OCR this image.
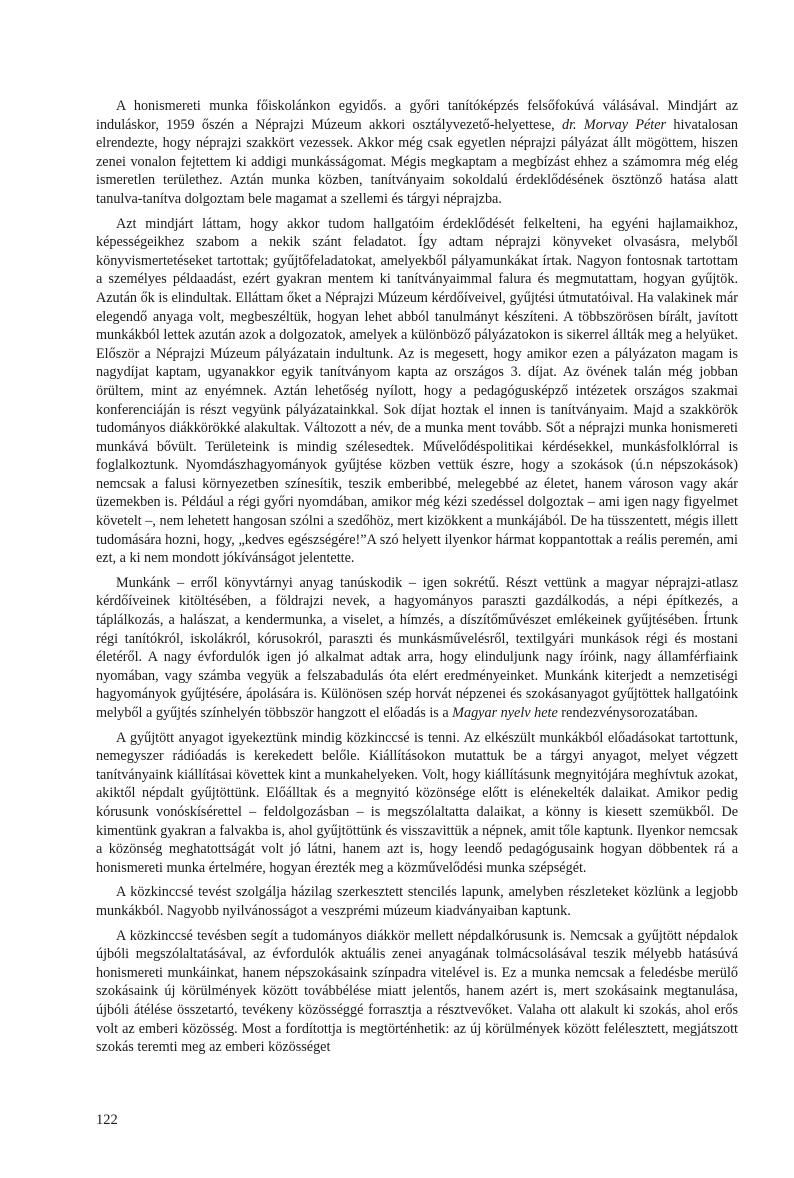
A honismereti munka főiskolánkon egyidős. a győri tanítóképzés felsőfokúvá válásával. Mindjárt az induláskor, 1959 őszén a Néprajzi Múzeum akkori osztályvezető-helyettese, dr. Morvay Péter hivatalosan elrendezte, hogy néprajzi szakkört vezessek. Akkor még csak egyetlen néprajzi pályázat állt mögöttem, hiszen zenei vonalon fejtettem ki addigi munkásságomat. Mégis megkaptam a megbízást ehhez a számomra még elég ismeretlen területhez. Aztán munka közben, tanítványaim sokoldalú érdeklődésének ösztönző hatása alatt tanulva-tanítva dolgoztam bele magamat a szellemi és tárgyi néprajzba.

Azt mindjárt láttam, hogy akkor tudom hallgatóim érdeklődését felkelteni, ha egyéni hajlamaikhoz, képességeikhez szabom a nekik szánt feladatot. Így adtam néprajzi könyveket olvasásra, melyből könyvismertetéseket tartottak; gyűjtőfeladatokat, amelyekből pályamunkákat írtak. Nagyon fontosnak tartottam a személyes példaadást, ezért gyakran mentem ki tanítványaimmal falura és megmutattam, hogyan gyűjtök. Azután ők is elindultak. Elláttam őket a Néprajzi Múzeum kérdőíveivel, gyűjtési útmutatóival. Ha valakinek már elegendő anyaga volt, megbeszéltük, hogyan lehet abból tanulmányt készíteni. A többszörösen bírált, javított munkákból lettek azután azok a dolgozatok, amelyek a különböző pályázatokon is sikerrel állták meg a helyüket. Először a Néprajzi Múzeum pályázatain indultunk. Az is megesett, hogy amikor ezen a pályázaton magam is nagydíjat kaptam, ugyanakkor egyik tanítványom kapta az országos 3. díjat. Az övének talán még jobban örültem, mint az enyémnek. Aztán lehetőség nyílott, hogy a pedagógusképző intézetek országos szakmai konferenciáján is részt vegyünk pályázatainkkal. Sok díjat hoztak el innen is tanítványaim. Majd a szakkörök tudományos diákkörökké alakultak. Változott a név, de a munka ment tovább. Sőt a néprajzi munka honismereti munkává bővült. Területeink is mindig szélesedtek. Művelődéspolitikai kérdésekkel, munkásfolklórral is foglalkoztunk. Nyomdászhagyományok gyűjtése közben vettük észre, hogy a szokások (ú.n népszokások) nemcsak a falusi környezetben színesítik, teszik emberibbé, melegebbé az életet, hanem városon vagy akár üzemekben is. Például a régi győri nyomdában, amikor még kézi szedéssel dolgoztak – ami igen nagy figyelmet követelt –, nem lehetett hangosan szólni a szedőhöz, mert kizökkent a munkájából. De ha tüsszentett, mégis illett tudomására hozni, hogy, „kedves egészségére!”A szó helyett ilyenkor hármat koppantottak a reális peremén, ami ezt, a ki nem mondott jókívánságot jelentette.

Munkánk – erről könyvtárnyi anyag tanúskodik – igen sokrétű. Részt vettünk a magyar néprajzi-atlasz kérdőíveinek kitöltésében, a földrajzi nevek, a hagyományos paraszti gazdálkodás, a népi építkezés, a táplálkozás, a halászat, a kendermunka, a viselet, a hímzés, a díszítőművészet emlékeinek gyűjtésében. Írtunk régi tanítókról, iskolákról, kórusokról, paraszti és munkásművelésről, textilgyári munkások régi és mostani életéről. A nagy évfordulók igen jó alkalmat adtak arra, hogy elinduljunk nagy íróink, nagy államférfiaink nyomában, vagy számba vegyük a felszabadulás óta elért eredményeinket. Munkánk kiterjedt a nemzetiségi hagyományok gyűjtésére, ápolására is. Különösen szép horvát népzenei és szokásanyagot gyűjtöttek hallgatóink melyből a gyűjtés színhelyén többször hangzott el előadás is a Magyar nyelv hete rendezvénysorozatában.

A gyűjtött anyagot igyekeztünk mindig közkinccsé is tenni. Az elkészült munkákból előadásokat tartottunk, nemegyszer rádióadás is kerekedett belőle. Kiállításokon mutattuk be a tárgyi anyagot, melyet végzett tanítványaink kiállításai követtek kint a munkahelyeken. Volt, hogy kiállításunk megnyitójára meghívtuk azokat, akiktől népdalt gyűjtöttünk. Előálltak és a megnyitó közönsége előtt is elénekelték dalaikat. Amikor pedig kórusunk vonóskísérettel – feldolgozásban – is megszólaltatta dalaikat, a könny is kiesett szemükből. De kimentünk gyakran a falvakba is, ahol gyűjtöttünk és visszavittük a népnek, amit tőle kaptunk. Ilyenkor nemcsak a közönség meghatottságát volt jó látni, hanem azt is, hogy leendő pedagógusaink hogyan döbbentek rá a honismereti munka értelmére, hogyan érezték meg a közművelődési munka szépségét.

A közkinccsé tevést szolgálja házilag szerkesztett stencilés lapunk, amelyben részleteket közlünk a legjobb munkákból. Nagyobb nyilvánosságot a veszprémi múzeum kiadványaiban kaptunk.

A közkinccsé tevésben segít a tudományos diákkör mellett népdalkórusunk is. Nemcsak a gyűjtött népdalok újbóli megszólaltatásával, az évfordulók aktuális zenei anyagának tolmácsolásával teszik mélyebb hatásúvá honismereti munkáinkat, hanem népszokásaink színpadra vitelével is. Ez a munka nemcsak a feledésbe merülő szokásaink új körülmények között továbbélése miatt jelentős, hanem azért is, mert szokásaink megtanulása, újbóli átélése összetartó, tevékeny közösséggé forrasztja a résztvevőket. Valaha ott alakult ki szokás, ahol erős volt az emberi közösség. Most a fordítottja is megtörténhetik: az új körülmények között felélesztett, megjátszott szokás teremti meg az emberi közösséget

122
